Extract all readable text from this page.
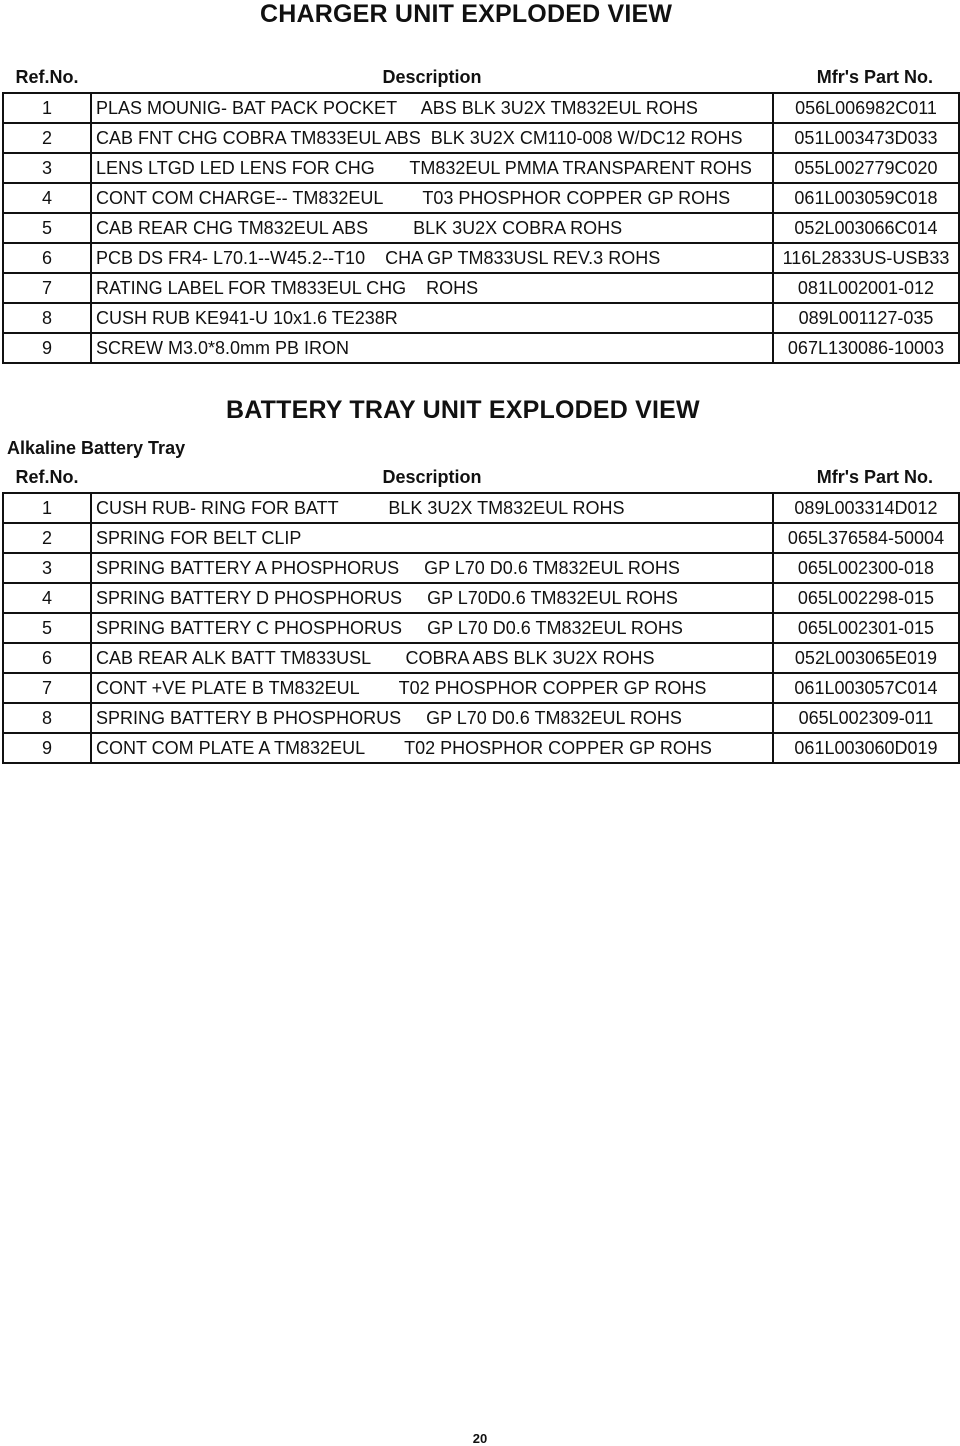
CHARGER UNIT EXPLODED VIEW
Ref.No.	Description	Mfr's Part No.
1	PLAS MOUNIG- BAT PACK POCKET     ABS BLK 3U2X TM832EUL ROHS	056L006982C011
2	CAB FNT CHG COBRA TM833EUL ABS  BLK 3U2X CM110-008 W/DC12 ROHS	051L003473D033
3	LENS LTGD LED LENS FOR CHG       TM832EUL PMMA TRANSPARENT ROHS	055L002779C020
4	CONT COM CHARGE-- TM832EUL        T03 PHOSPHOR COPPER GP ROHS	061L003059C018
5	CAB REAR CHG TM832EUL ABS         BLK 3U2X COBRA ROHS	052L003066C014
6	PCB DS FR4- L70.1--W45.2--T10    CHA GP TM833USL REV.3 ROHS	116L2833US-USB33
7	RATING LABEL FOR TM833EUL CHG    ROHS	081L002001-012
8	CUSH RUB KE941-U 10x1.6 TE238R	089L001127-035
9	SCREW M3.0*8.0mm PB IRON	067L130086-10003
BATTERY TRAY UNIT EXPLODED VIEW
Alkaline Battery Tray
Ref.No.	Description	Mfr's Part No.
1	CUSH RUB- RING FOR BATT          BLK 3U2X TM832EUL ROHS	089L003314D012
2	SPRING FOR BELT CLIP	065L376584-50004
3	SPRING BATTERY A PHOSPHORUS     GP L70 D0.6 TM832EUL ROHS	065L002300-018
4	SPRING BATTERY D PHOSPHORUS     GP L70D0.6 TM832EUL ROHS	065L002298-015
5	SPRING BATTERY C PHOSPHORUS     GP L70 D0.6 TM832EUL ROHS	065L002301-015
6	CAB REAR ALK BATT TM833USL       COBRA ABS BLK 3U2X ROHS	052L003065E019
7	CONT +VE PLATE B TM832EUL        T02 PHOSPHOR COPPER GP ROHS	061L003057C014
8	SPRING BATTERY B PHOSPHORUS     GP L70 D0.6 TM832EUL ROHS	065L002309-011
9	CONT COM PLATE A TM832EUL        T02 PHOSPHOR COPPER GP ROHS	061L003060D019
20
